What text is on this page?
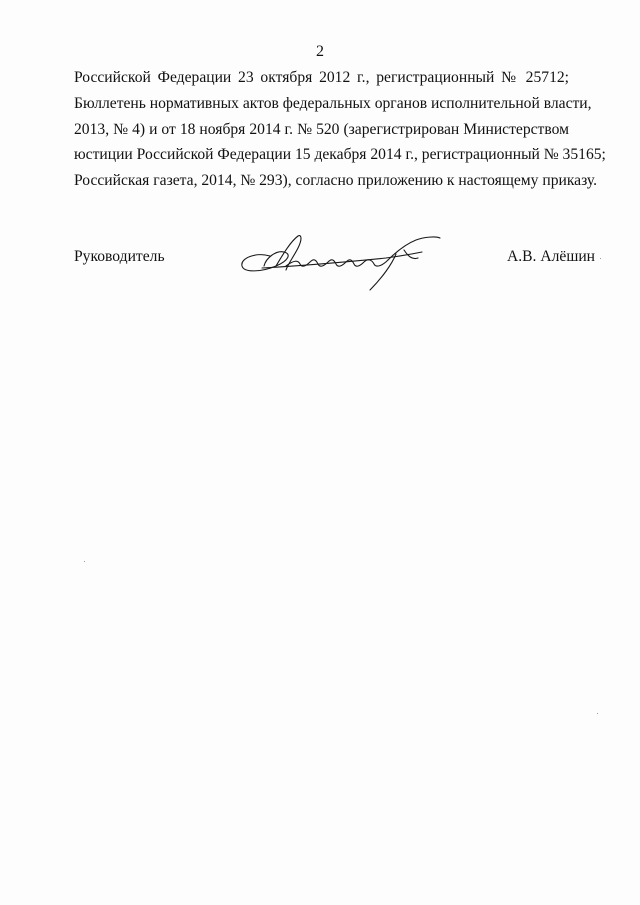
2
Российской Федерации 23 октября 2012 г., регистрационный № 25712;
Бюллетень нормативных актов федеральных органов исполнительной власти,
2013, № 4) и от 18 ноября 2014 г. № 520 (зарегистрирован Министерством
юстиции Российской Федерации 15 декабря 2014 г., регистрационный № 35165;
Российская газета, 2014, № 293), согласно приложению к настоящему приказу.
Руководитель	А.В. Алёшин
